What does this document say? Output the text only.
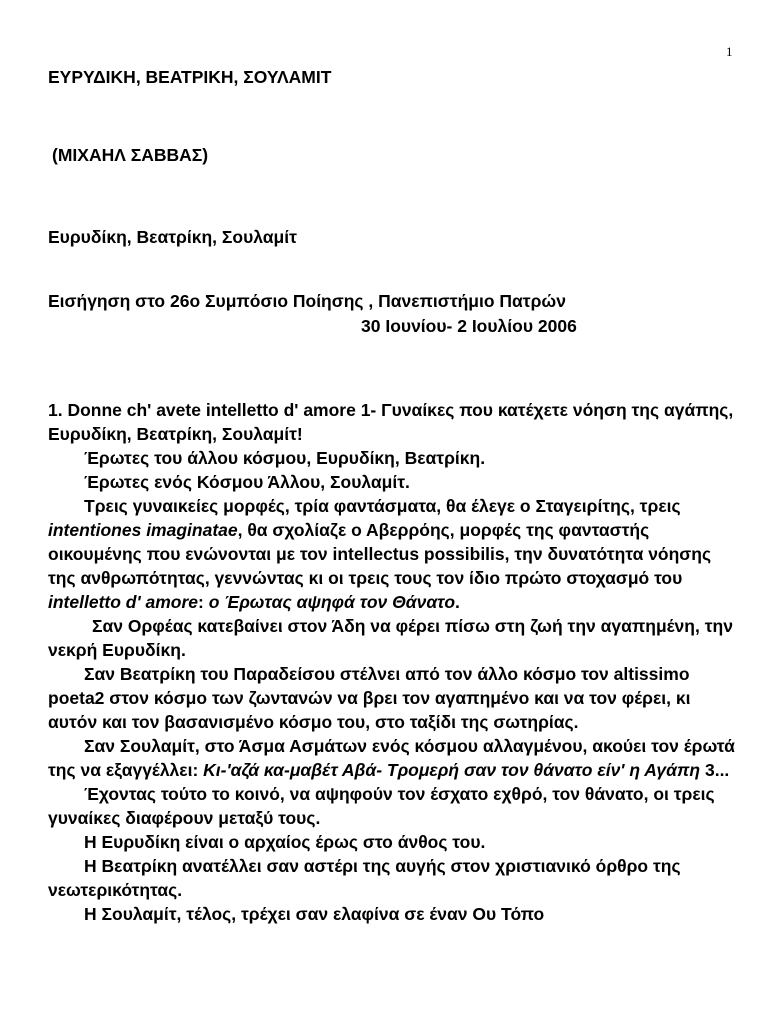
1
ΕΥΡΥΔΙΚΗ, ΒΕΑΤΡΙΚΗ, ΣΟΥΛΑΜΙΤ
(ΜΙΧΑΗΛ ΣΑΒΒΑΣ)
Ευρυδίκη, Βεατρίκη, Σουλαμίτ
Εισήγηση στο 26ο Συμπόσιο Ποίησης , Πανεπιστήμιο Πατρών
30 Ιουνίου- 2 Ιουλίου 2006

1. Donne ch' avete intelletto d' amore 1- Γυναίκες που κατέχετε νόηση της αγάπης, Ευρυδίκη, Βεατρίκη, Σουλαμίτ!

Έρωτες του άλλου κόσμου, Ευρυδίκη, Βεατρίκη.

Έρωτες ενός Κόσμου Άλλου, Σουλαμίτ.

Τρεις γυναικείες μορφές, τρία φαντάσματα, θα έλεγε ο Σταγειρίτης, τρεις intentiones imaginatae, θα σχολίαζε ο Αβερρόης, μορφές της φανταστής οικουμένης που ενώνονται με τον intellectus possibilis, την δυνατότητα νόησης της ανθρωπότητας, γεννώντας κι οι τρεις τους τον ίδιο πρώτο στοχασμό του intelletto d' amore: ο Έρωτας αψηφά τον Θάνατο.

Σαν Ορφέας κατεβαίνει στον Άδη να φέρει πίσω στη ζωή την αγαπημένη, την νεκρή Ευρυδίκη.

Σαν Βεατρίκη του Παραδείσου στέλνει από τον άλλο κόσμο τον altissimo poeta2 στον κόσμο των ζωντανών να βρει τον αγαπημένο και να τον φέρει, κι αυτόν και τον βασανισμένο κόσμο του, στο ταξίδι της σωτηρίας.

Σαν Σουλαμίτ, στο Άσμα Ασμάτων ενός κόσμου αλλαγμένου, ακούει τον έρωτά της να εξαγγέλλει: Κι-'αζά κα-μαβέτ Αβά- Τρομερή σαν τον θάνατο είν' η Αγάπη 3...

Έχοντας τούτο το κοινό, να αψηφούν τον έσχατο εχθρό, τον θάνατο, οι τρεις γυναίκες διαφέρουν μεταξύ τους.

Η Ευρυδίκη είναι ο αρχαίος έρως στο άνθος του.

Η Βεατρίκη ανατέλλει σαν αστέρι της αυγής στον χριστιανικό όρθρο της νεωτερικότητας.

Η Σουλαμίτ, τέλος, τρέχει σαν ελαφίνα σε έναν Ου Τόπο
